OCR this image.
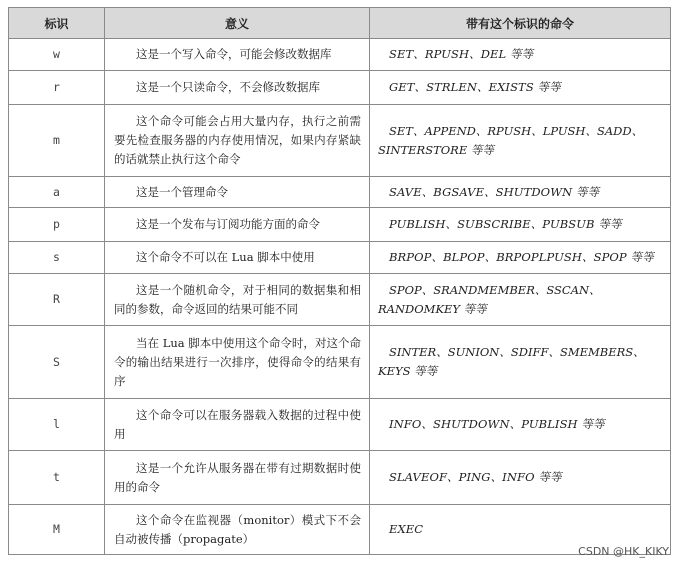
标识	意义	带有这个标识的命令
w	这是一个写入命令，可能会修改数据库	SET、RPUSH、DEL 等等
r	这是一个只读命令，不会修改数据库	GET、STRLEN、EXISTS 等等
m	这个命令可能会占用大量内存，执行之前需要先检查服务器的内存使用情况，如果内存紧缺的话就禁止执行这个命令	SET、APPEND、RPUSH、LPUSH、SADD、SINTERSTORE 等等
a	这是一个管理命令	SAVE、BGSAVE、SHUTDOWN 等等
p	这是一个发布与订阅功能方面的命令	PUBLISH、SUBSCRIBE、PUBSUB 等等
s	这个命令不可以在 Lua 脚本中使用	BRPOP、BLPOP、BRPOPLPUSH、SPOP 等等
R	这是一个随机命令，对于相同的数据集和相同的参数，命令返回的结果可能不同	SPOP、SRANDMEMBER、SSCAN、RANDOMKEY 等等
S	当在 Lua 脚本中使用这个命令时，对这个命令的输出结果进行一次排序，使得命令的结果有序	SINTER、SUNION、SDIFF、SMEMBERS、KEYS 等等
l	这个命令可以在服务器载入数据的过程中使用	INFO、SHUTDOWN、PUBLISH 等等
t	这是一个允许从服务器在带有过期数据时使用的命令	SLAVEOF、PING、INFO 等等
M	这个命令在监视器（monitor）模式下不会自动被传播（propagate）	EXEC
CSDN @HK_KIKY
